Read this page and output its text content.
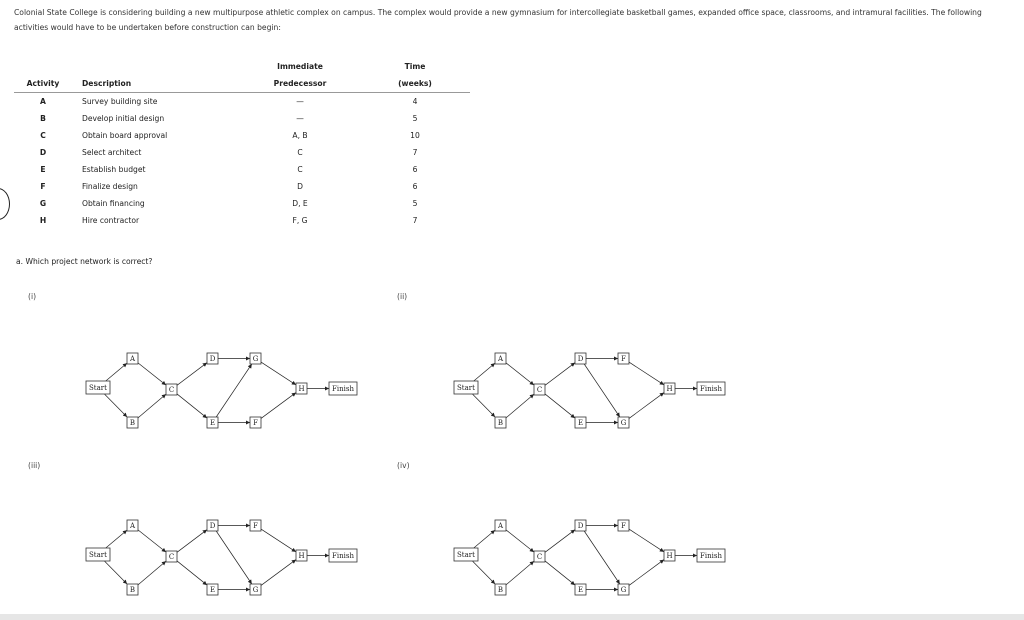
Colonial State College is considering building a new multipurpose athletic complex on campus. The complex would provide a new gymnasium for intercollegiate basketball games, expanded office space, classrooms, and intramural facilities. The following activities would have to be undertaken before construction can begin:
		Immediate	Time
Activity	Description	Predecessor	(weeks)
A	Survey building site	—	4
B	Develop initial design	—	5
C	Obtain board approval	A, B	10
D	Select architect	C	7
E	Establish budget	C	6
F	Finalize design	D	6
G	Obtain financing	D, E	5
H	Hire contractor	F, G	7
a. Which project network is correct?
(i)	(ii)
(iii)	(iv)
Start
A
B
C
D	G
E	F
H	Finish	Start
A
B
C
D	F
E	G
H	Finish
Start
A
B
C
D	F
E	G
H	Finish	Start
A
B
C
D	F
E	G
H	Finish
